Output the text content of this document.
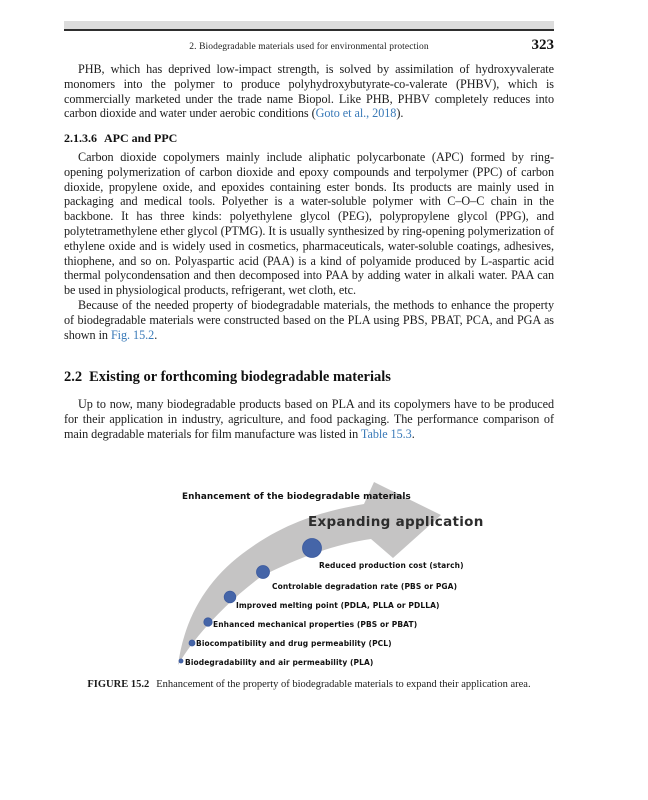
2. Biodegradable materials used for environmental protection	323

PHB, which has deprived low-impact strength, is solved by assimilation of hydroxyvalerate monomers into the polymer to produce polyhydroxybutyrate-co-valerate (PHBV), which is commercially marketed under the trade name Biopol. Like PHB, PHBV completely reduces into carbon dioxide and water under aerobic conditions (Goto et al., 2018).

2.1.3.6 APC and PPC

Carbon dioxide copolymers mainly include aliphatic polycarbonate (APC) formed by ring-opening polymerization of carbon dioxide and epoxy compounds and terpolymer (PPC) of carbon dioxide, propylene oxide, and epoxides containing ester bonds. Its products are mainly used in packaging and medical tools. Polyether is a water-soluble polymer with C–O–C chain in the backbone. It has three kinds: polyethylene glycol (PEG), polypropylene glycol (PPG), and polytetramethylene ether glycol (PTMG). It is usually synthesized by ring-opening polymerization of ethylene oxide and is widely used in cosmetics, pharmaceuticals, water-soluble coatings, adhesives, thiophene, and so on. Polyaspartic acid (PAA) is a kind of polyamide produced by L-aspartic acid thermal polycondensation and then decomposed into PAA by adding water in alkali water. PAA can be used in physiological products, refrigerant, wet cloth, etc.

Because of the needed property of biodegradable materials, the methods to enhance the property of biodegradable materials were constructed based on the PLA using PBS, PBAT, PCA, and PGA as shown in Fig. 15.2.

2.2 Existing or forthcoming biodegradable materials

Up to now, many biodegradable products based on PLA and its copolymers have to be produced for their application in industry, agriculture, and food packaging. The performance comparison of main degradable materials for film manufacture was listed in Table 15.3.

Enhancement of the biodegradable materials
Expanding application
Biodegradability and air permeability (PLA)
Biocompatibility and drug permeability (PCL)
Enhanced mechanical properties (PBS or PBAT)
Improved melting point (PDLA, PLLA or PDLLA)
Controlable degradation rate (PBS or PGA)
Reduced production cost (starch)
FIGURE 15.2 Enhancement of the property of biodegradable materials to expand their application area.
